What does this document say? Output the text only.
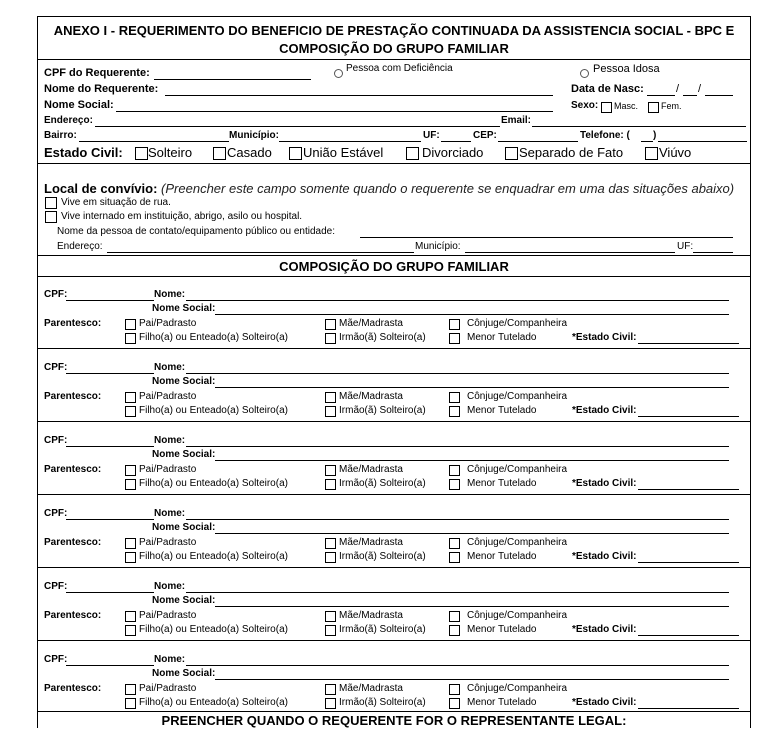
ANEXO I - REQUERIMENTO DO BENEFICIO DE PRESTAÇÃO CONTINUADA DA ASSISTENCIA SOCIAL - BPC E
COMPOSIÇÃO DO GRUPO FAMILIAR
CPF do Requerente:	Pessoa com Deficiência	Pessoa Idosa
Nome do Requerente:	Data de Nasc:	/ /
Nome Social:	Sexo: Masc.	Fem.
Endereço:	Email:
Bairro:	Município:	UF:	CEP:	Telefone: ( )
Estado Civil: Solteiro	Casado União Estável	Divorciado	Separado de Fato	Viúvo
Local de convívio: (Preencher este campo somente quando o requerente se enquadrar em uma das situações abaixo)
Vive em situação de rua.
Vive internado em instituição, abrigo, asilo ou hospital.
Nome da pessoa de contato/equipamento público ou entidade:
Endereço:	Município:	UF:
COMPOSIÇÃO DO GRUPO FAMILIAR
CPF:	Nome:
Nome Social:
Parentesco:	Pai/Padrasto	Mãe/Madrasta	Cônjuge/Companheira
Filho(a) ou Enteado(a) Solteiro(a)	Irmão(ã) Solteiro(a)	Menor Tutelado	*Estado Civil:
CPF:	Nome:
Nome Social:
Parentesco:	Pai/Padrasto	Mãe/Madrasta	Cônjuge/Companheira
Filho(a) ou Enteado(a) Solteiro(a)	Irmão(ã) Solteiro(a)	Menor Tutelado	*Estado Civil:
CPF:	Nome:
Nome Social:
Parentesco:	Pai/Padrasto	Mãe/Madrasta	Cônjuge/Companheira
Filho(a) ou Enteado(a) Solteiro(a)	Irmão(ã) Solteiro(a)	Menor Tutelado	*Estado Civil:
CPF:	Nome:
Nome Social:
Parentesco:	Pai/Padrasto	Mãe/Madrasta	Cônjuge/Companheira
Filho(a) ou Enteado(a) Solteiro(a)	Irmão(ã) Solteiro(a)	Menor Tutelado	*Estado Civil:
CPF:	Nome:
Nome Social:
Parentesco:	Pai/Padrasto	Mãe/Madrasta	Cônjuge/Companheira
Filho(a) ou Enteado(a) Solteiro(a)	Irmão(ã) Solteiro(a)	Menor Tutelado	*Estado Civil:
CPF:	Nome:
Nome Social:
Parentesco:	Pai/Padrasto	Mãe/Madrasta	Cônjuge/Companheira
Filho(a) ou Enteado(a) Solteiro(a)	Irmão(ã) Solteiro(a)	Menor Tutelado	*Estado Civil:
PREENCHER QUANDO O REQUERENTE FOR O REPRESENTANTE LEGAL:
